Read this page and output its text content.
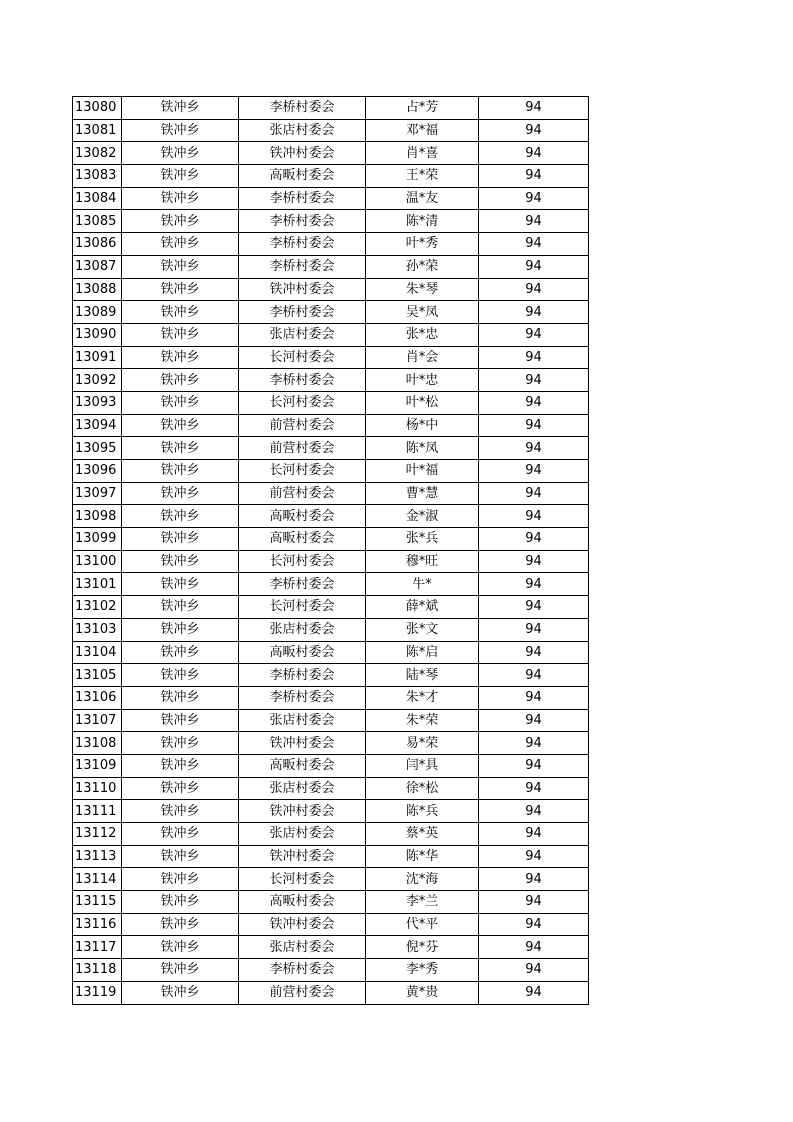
13080	铁冲乡	李桥村委会	占*芳	94
13081	铁冲乡	张店村委会	邓*福	94
13082	铁冲乡	铁冲村委会	肖*喜	94
13083	铁冲乡	高畈村委会	王*荣	94
13084	铁冲乡	李桥村委会	温*友	94
13085	铁冲乡	李桥村委会	陈*清	94
13086	铁冲乡	李桥村委会	叶*秀	94
13087	铁冲乡	李桥村委会	孙*荣	94
13088	铁冲乡	铁冲村委会	朱*琴	94
13089	铁冲乡	李桥村委会	吴*凤	94
13090	铁冲乡	张店村委会	张*忠	94
13091	铁冲乡	长河村委会	肖*会	94
13092	铁冲乡	李桥村委会	叶*忠	94
13093	铁冲乡	长河村委会	叶*松	94
13094	铁冲乡	前营村委会	杨*中	94
13095	铁冲乡	前营村委会	陈*凤	94
13096	铁冲乡	长河村委会	叶*福	94
13097	铁冲乡	前营村委会	曹*慧	94
13098	铁冲乡	高畈村委会	金*淑	94
13099	铁冲乡	高畈村委会	张*兵	94
13100	铁冲乡	长河村委会	穆*旺	94
13101	铁冲乡	李桥村委会	牛*	94
13102	铁冲乡	长河村委会	薛*斌	94
13103	铁冲乡	张店村委会	张*文	94
13104	铁冲乡	高畈村委会	陈*启	94
13105	铁冲乡	李桥村委会	陆*琴	94
13106	铁冲乡	李桥村委会	朱*才	94
13107	铁冲乡	张店村委会	朱*荣	94
13108	铁冲乡	铁冲村委会	易*荣	94
13109	铁冲乡	高畈村委会	闫*具	94
13110	铁冲乡	张店村委会	徐*松	94
13111	铁冲乡	铁冲村委会	陈*兵	94
13112	铁冲乡	张店村委会	蔡*英	94
13113	铁冲乡	铁冲村委会	陈*华	94
13114	铁冲乡	长河村委会	沈*海	94
13115	铁冲乡	高畈村委会	李*兰	94
13116	铁冲乡	铁冲村委会	代*平	94
13117	铁冲乡	张店村委会	倪*芬	94
13118	铁冲乡	李桥村委会	李*秀	94
13119	铁冲乡	前营村委会	黄*贵	94
